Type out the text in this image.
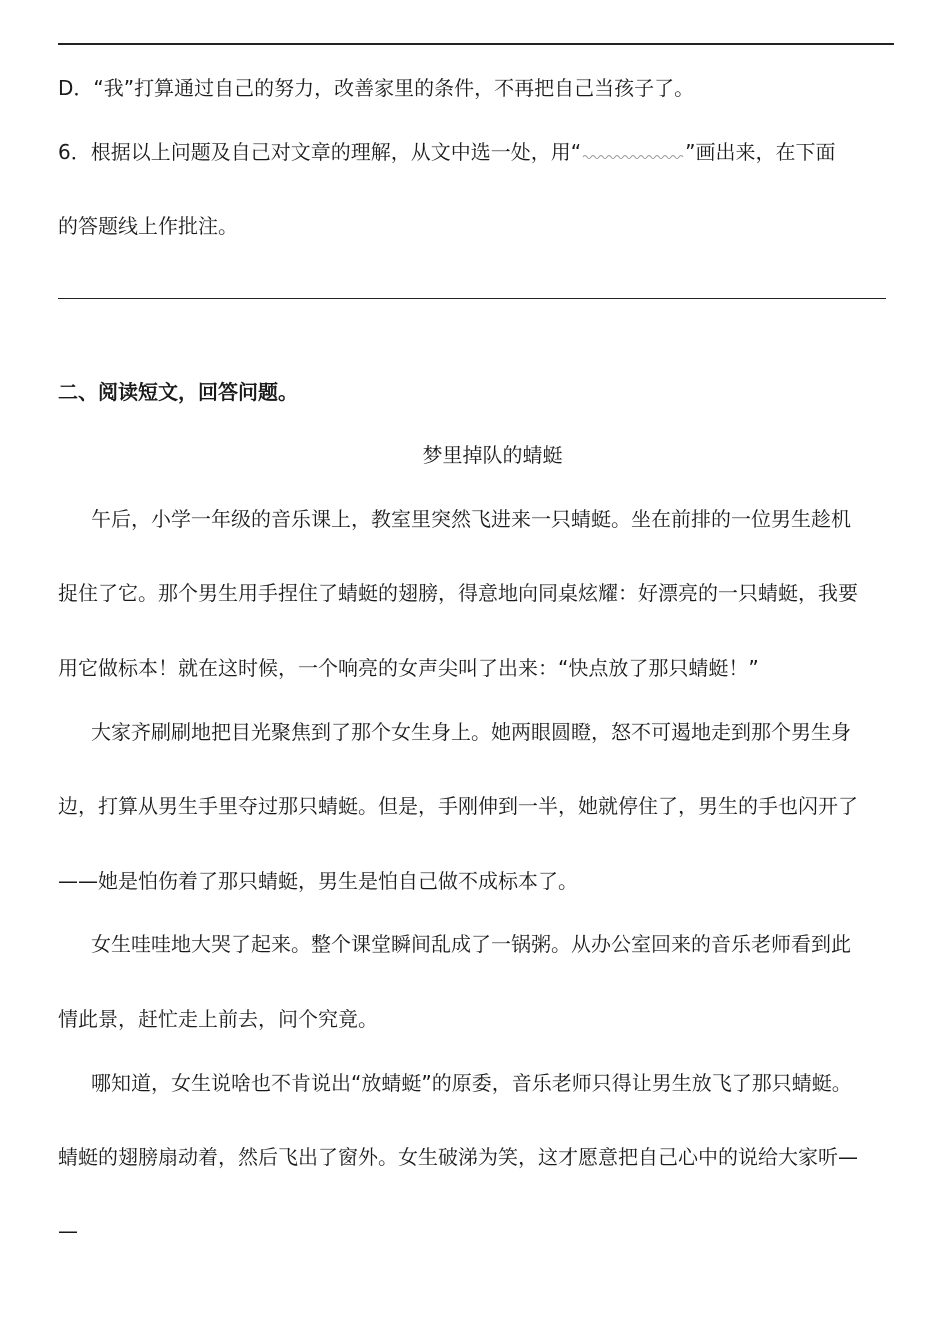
D．“我”打算通过自己的努力，改善家里的条件，不再把自己当孩子了。
6．根据以上问题及自己对文章的理解，从文中选一处，用“	”画出来，在下面
的答题线上作批注。
二、阅读短文，回答问题。
梦里掉队的蜻蜓
午后，小学一年级的音乐课上，教室里突然飞进来一只蜻蜓。坐在前排的一位男生趁机
捉住了它。那个男生用手捏住了蜻蜓的翅膀，得意地向同桌炫耀：好漂亮的一只蜻蜓，我要
用它做标本！就在这时候，一个响亮的女声尖叫了出来：“快点放了那只蜻蜓！”
大家齐刷刷地把目光聚焦到了那个女生身上。她两眼圆瞪，怒不可遏地走到那个男生身
边，打算从男生手里夺过那只蜻蜓。但是，手刚伸到一半，她就停住了，男生的手也闪开了
——她是怕伤着了那只蜻蜓，男生是怕自己做不成标本了。
女生哇哇地大哭了起来。整个课堂瞬间乱成了一锅粥。从办公室回来的音乐老师看到此
情此景，赶忙走上前去，问个究竟。
哪知道，女生说啥也不肯说出“放蜻蜓”的原委，音乐老师只得让男生放飞了那只蜻蜓。
蜻蜓的翅膀扇动着，然后飞出了窗外。女生破涕为笑，这才愿意把自己心中的说给大家听—
—
